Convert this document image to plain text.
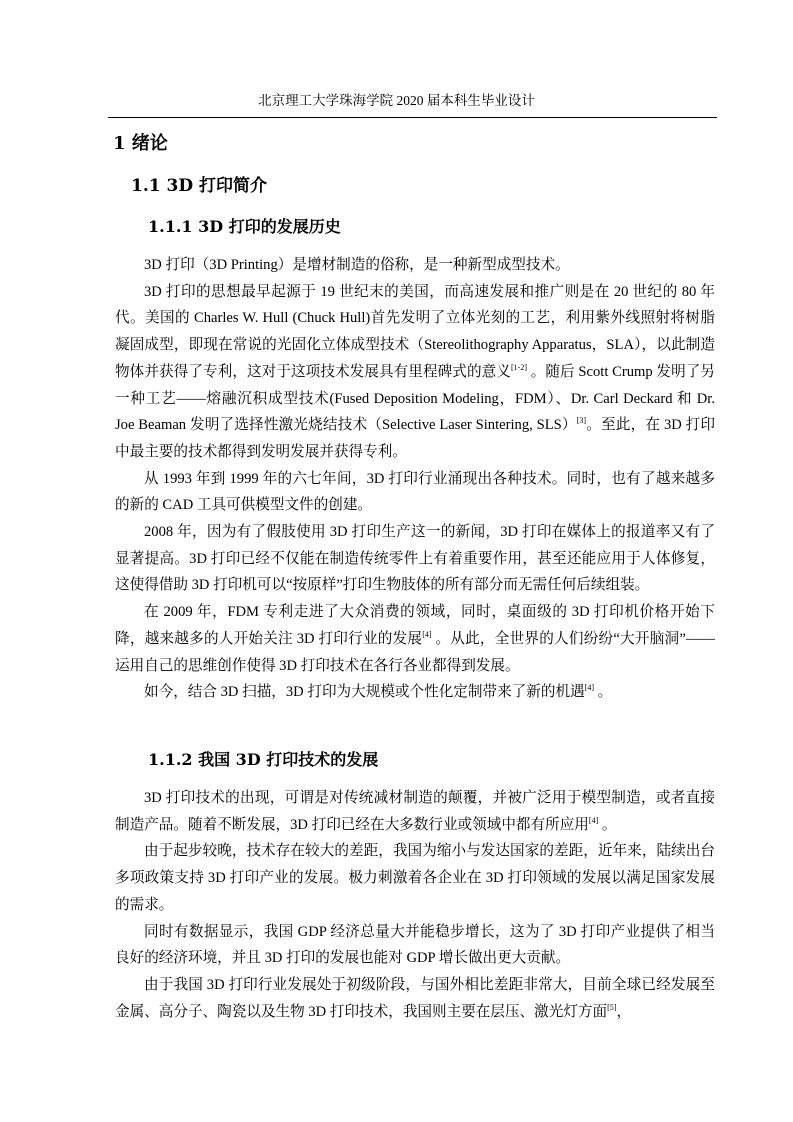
北京理工大学珠海学院 2020 届本科生毕业设计
1 绪论
1.1 3D 打印简介
1.1.1 3D 打印的发展历史

3D 打印（3D Printing）是增材制造的俗称，是一种新型成型技术。

3D 打印的思想最早起源于 19 世纪末的美国，而高速发展和推广则是在 20 世纪的 80 年代。美国的 Charles W. Hull (Chuck Hull)首先发明了立体光刻的工艺，利用紫外线照射将树脂凝固成型，即现在常说的光固化立体成型技术（Stereolithography Apparatus，SLA），以此制造物体并获得了专利，这对于这项技术发展具有里程碑式的意义[1-2] 。随后 Scott Crump 发明了另一种工艺——熔融沉积成型技术(Fused Deposition Modeling，FDM）、Dr. Carl Deckard 和 Dr. Joe Beaman 发明了选择性激光烧结技术（Selective Laser Sintering, SLS）[3]。至此，在 3D 打印中最主要的技术都得到发明发展并获得专利。

从 1993 年到 1999 年的六七年间，3D 打印行业涌现出各种技术。同时，也有了越来越多的新的 CAD 工具可供模型文件的创建。

2008 年，因为有了假肢使用 3D 打印生产这一的新闻，3D 打印在媒体上的报道率又有了显著提高。3D 打印已经不仅能在制造传统零件上有着重要作用，甚至还能应用于人体修复，这使得借助 3D 打印机可以“按原样”打印生物肢体的所有部分而无需任何后续组装。

在 2009 年，FDM 专利走进了大众消费的领域，同时，桌面级的 3D 打印机价格开始下降，越来越多的人开始关注 3D 打印行业的发展[4] 。从此，全世界的人们纷纷“大开脑洞”——运用自己的思维创作使得 3D 打印技术在各行各业都得到发展。

如今，结合 3D 扫描，3D 打印为大规模或个性化定制带来了新的机遇[4] 。

1.1.2 我国 3D 打印技术的发展

3D 打印技术的出现，可谓是对传统减材制造的颠覆，并被广泛用于模型制造，或者直接制造产品。随着不断发展，3D 打印已经在大多数行业或领域中都有所应用[4] 。

由于起步较晚，技术存在较大的差距，我国为缩小与发达国家的差距，近年来，陆续出台多项政策支持 3D 打印产业的发展。极力刺激着各企业在 3D 打印领域的发展以满足国家发展的需求。

同时有数据显示，我国 GDP 经济总量大并能稳步增长，这为了 3D 打印产业提供了相当良好的经济环境，并且 3D 打印的发展也能对 GDP 增长做出更大贡献。

由于我国 3D 打印行业发展处于初级阶段，与国外相比差距非常大，目前全球已经发展至金属、高分子、陶瓷以及生物 3D 打印技术，我国则主要在层压、激光灯方面[5]，
